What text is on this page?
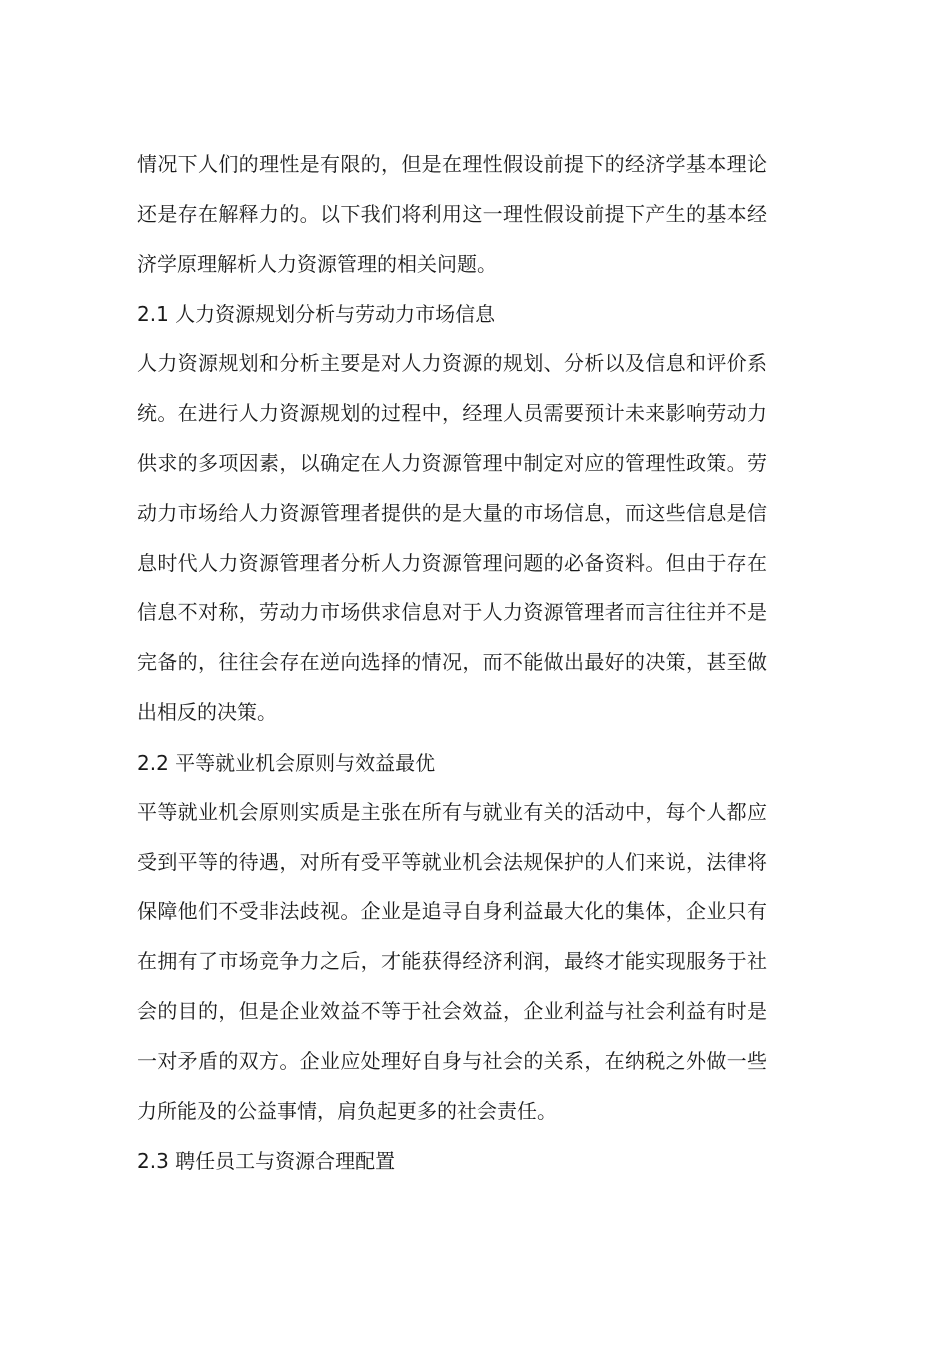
情况下人们的理性是有限的，但是在理性假设前提下的经济学基本理论还是存在解释力的。以下我们将利用这一理性假设前提下产生的基本经济学原理解析人力资源管理的相关问题。

2.1 人力资源规划分析与劳动力市场信息

人力资源规划和分析主要是对人力资源的规划、分析以及信息和评价系统。在进行人力资源规划的过程中，经理人员需要预计未来影响劳动力供求的多项因素，以确定在人力资源管理中制定对应的管理性政策。劳动力市场给人力资源管理者提供的是大量的市场信息，而这些信息是信息时代人力资源管理者分析人力资源管理问题的必备资料。但由于存在信息不对称，劳动力市场供求信息对于人力资源管理者而言往往并不是完备的，往往会存在逆向选择的情况，而不能做出最好的决策，甚至做出相反的决策。

2.2 平等就业机会原则与效益最优

平等就业机会原则实质是主张在所有与就业有关的活动中，每个人都应受到平等的待遇，对所有受平等就业机会法规保护的人们来说，法律将保障他们不受非法歧视。企业是追寻自身利益最大化的集体，企业只有在拥有了市场竞争力之后，才能获得经济利润，最终才能实现服务于社会的目的，但是企业效益不等于社会效益，企业利益与社会利益有时是一对矛盾的双方。企业应处理好自身与社会的关系，在纳税之外做一些力所能及的公益事情，肩负起更多的社会责任。

2.3 聘任员工与资源合理配置
